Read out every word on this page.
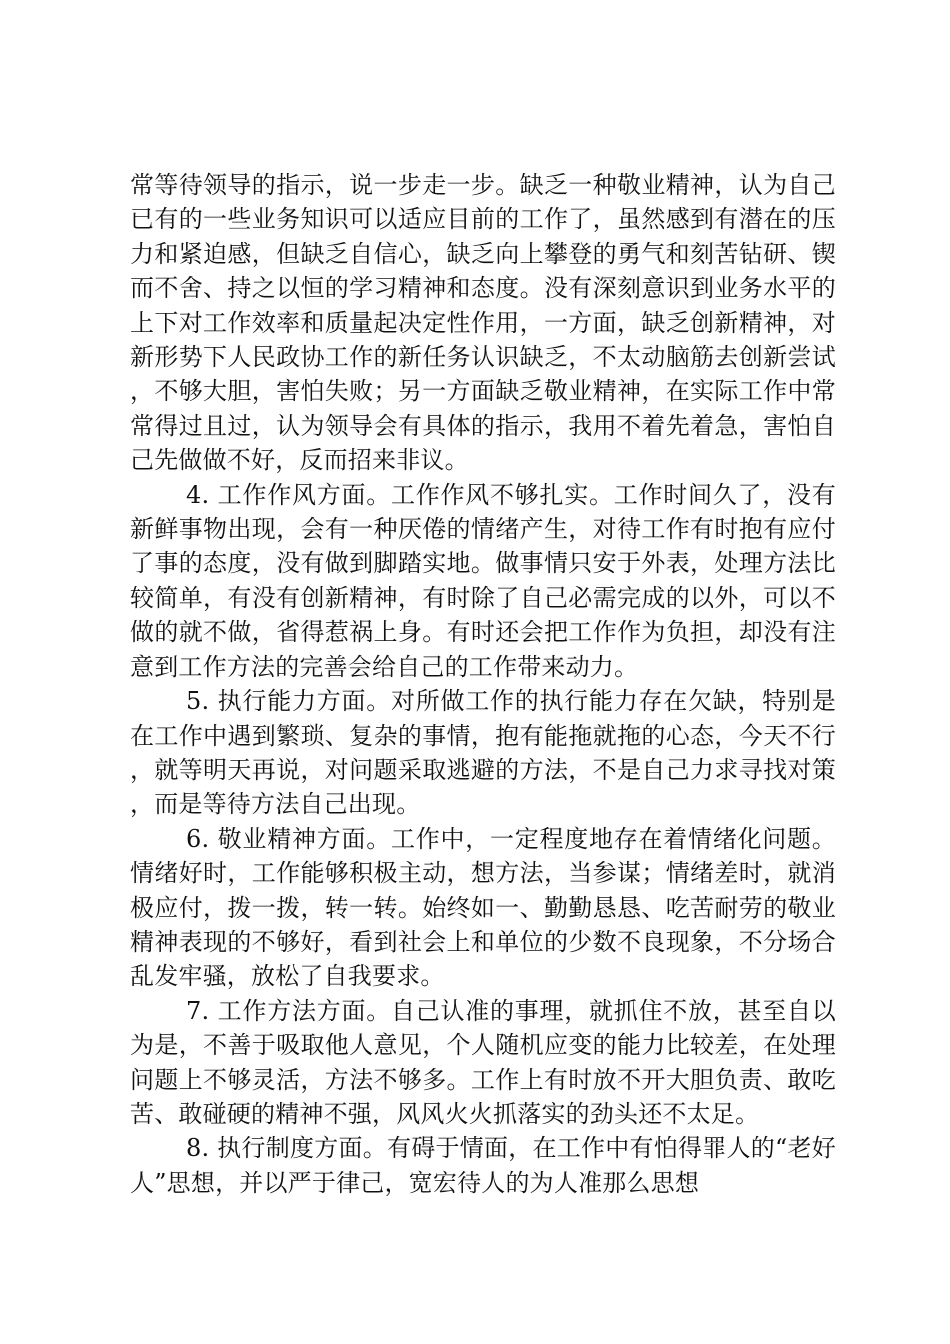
常等待领导的指示，说一步走一步。缺乏一种敬业精神，认为自己已有的一些业务知识可以适应目前的工作了，虽然感到有潜在的压力和紧迫感，但缺乏自信心，缺乏向上攀登的勇气和刻苦钻研、锲而不舍、持之以恒的学习精神和态度。没有深刻意识到业务水平的上下对工作效率和质量起决定性作用，一方面，缺乏创新精神，对新形势下人民政协工作的新任务认识缺乏，不太动脑筋去创新尝试，不够大胆，害怕失败；另一方面缺乏敬业精神，在实际工作中常常得过且过，认为领导会有具体的指示，我用不着先着急，害怕自己先做做不好，反而招来非议。

4. 工作作风方面。工作作风不够扎实。工作时间久了，没有新鲜事物出现，会有一种厌倦的情绪产生，对待工作有时抱有应付了事的态度，没有做到脚踏实地。做事情只安于外表，处理方法比较简单，有没有创新精神，有时除了自己必需完成的以外，可以不做的就不做，省得惹祸上身。有时还会把工作作为负担，却没有注意到工作方法的完善会给自己的工作带来动力。

5. 执行能力方面。对所做工作的执行能力存在欠缺，特别是在工作中遇到繁琐、复杂的事情，抱有能拖就拖的心态，今天不行，就等明天再说，对问题采取逃避的方法，不是自己力求寻找对策，而是等待方法自己出现。

6. 敬业精神方面。工作中，一定程度地存在着情绪化问题。情绪好时，工作能够积极主动，想方法，当参谋；情绪差时，就消极应付，拨一拨，转一转。始终如一、勤勤恳恳、吃苦耐劳的敬业精神表现的不够好，看到社会上和单位的少数不良现象，不分场合乱发牢骚，放松了自我要求。

7. 工作方法方面。自己认准的事理，就抓住不放，甚至自以为是，不善于吸取他人意见，个人随机应变的能力比较差，在处理问题上不够灵活，方法不够多。工作上有时放不开大胆负责、敢吃苦、敢碰硬的精神不强，风风火火抓落实的劲头还不太足。

8. 执行制度方面。有碍于情面，在工作中有怕得罪人的“老好人”思想，并以严于律己，宽宏待人的为人准那么思想
